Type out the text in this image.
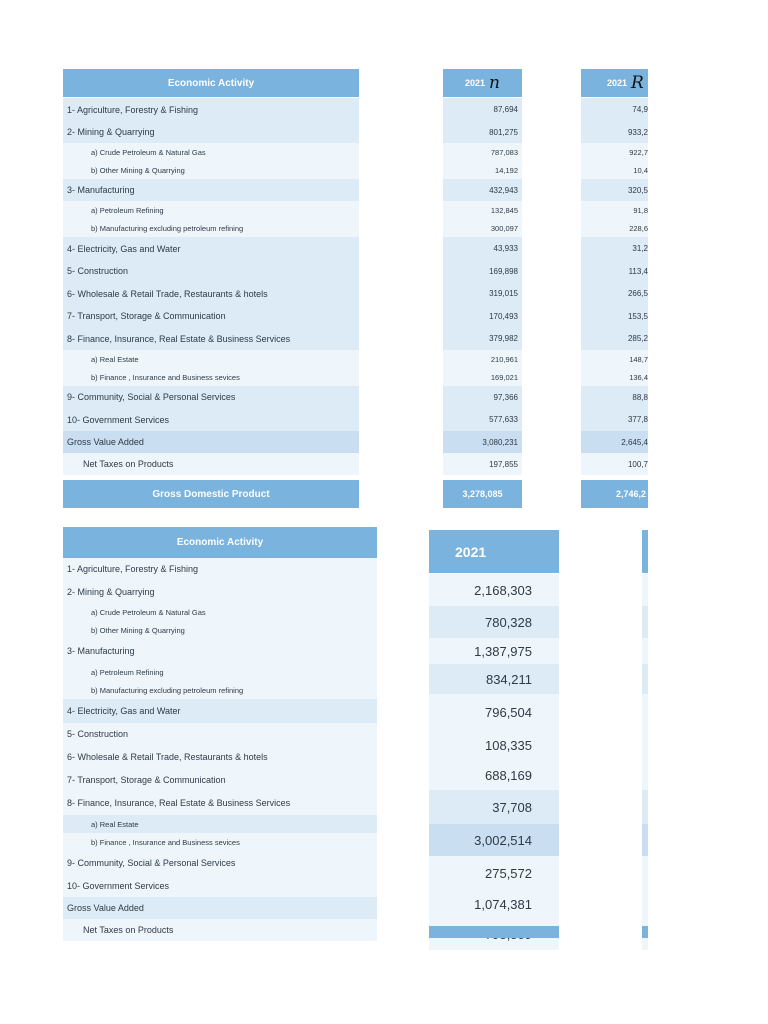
Economic Activity
1- Agriculture, Forestry & Fishing
2- Mining & Quarrying
a) Crude Petroleum & Natural Gas
b) Other Mining & Quarrying
3- Manufacturing
a) Petroleum Refining
b) Manufacturing excluding petroleum refining
4- Electricity, Gas and Water
5- Construction
6- Wholesale & Retail Trade, Restaurants & hotels
7- Transport, Storage & Communication
8- Finance, Insurance, Real Estate & Business Services
a) Real Estate
b) Finance , Insurance and Business sevices
9- Community, Social & Personal Services
10- Government Services
Gross Value Added
Net Taxes on Products
Gross Domestic Product
2021 n
87,694
801,275
787,083
14,192
432,943
132,845
300,097
43,933
169,898
319,015
170,493
379,982
210,961
169,021
97,366
577,633
3,080,231
197,855
3,278,085
2021 R
74,9
933,2
922,7
10,4
320,5
91,8
228,6
31,2
113,4
266,5
153,5
285,2
148,7
136,4
88,8
377,8
2,645,4
100,7
2,746,2
Economic Activity
1- Agriculture, Forestry & Fishing
2- Mining & Quarrying
a) Crude Petroleum & Natural Gas
b) Other Mining & Quarrying
3- Manufacturing
a) Petroleum Refining
b) Manufacturing excluding petroleum refining
4- Electricity, Gas and Water
5- Construction
6- Wholesale & Retail Trade, Restaurants & hotels
7- Transport, Storage & Communication
8- Finance, Insurance, Real Estate & Business Services
a) Real Estate
b) Finance , Insurance and Business sevices
9- Community, Social & Personal Services
10- Government Services
Gross Value Added
Net Taxes on Products
2021
2,168,303
780,328
1,387,975
834,211
796,504
108,335
688,169
37,708
3,002,514
275,572
1,074,381
